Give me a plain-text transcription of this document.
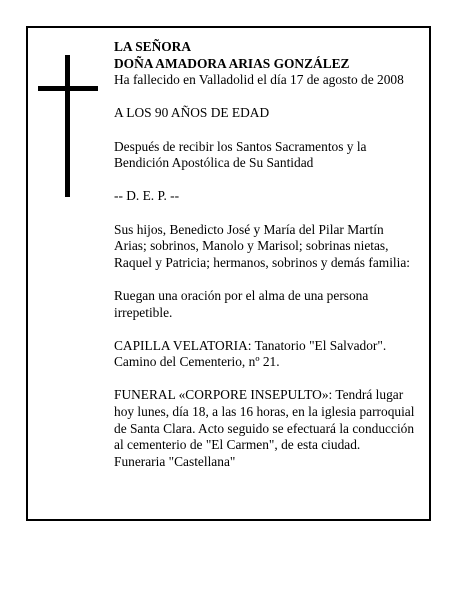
LA SEÑORA

DOÑA AMADORA ARIAS GONZÁLEZ

Ha fallecido en Valladolid el día 17 de agosto de 2008

A LOS 90 AÑOS DE EDAD

Después de recibir los Santos Sacramentos y la

Bendición Apostólica de Su Santidad

-- D. E. P. --

Sus hijos, Benedicto José y María del Pilar Martín

Arias; sobrinos, Manolo y Marisol; sobrinas nietas,

Raquel y Patricia; hermanos, sobrinos y demás familia:

Ruegan una oración por el alma de una persona

irrepetible.

CAPILLA VELATORIA: Tanatorio "El Salvador".

Camino del Cementerio, nº 21.

FUNERAL «CORPORE INSEPULTO»: Tendrá lugar

hoy lunes, día 18, a las 16 horas, en la iglesia parroquial

de Santa Clara. Acto seguido se efectuará la conducción

al cementerio de "El Carmen", de esta ciudad.

Funeraria "Castellana"
